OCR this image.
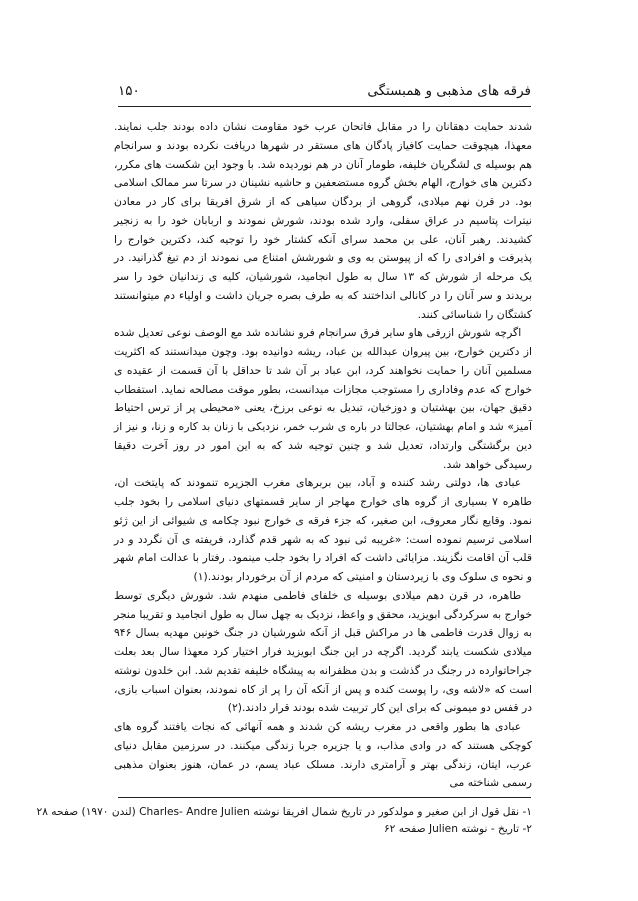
فرقه های مذهبی و همبستگی
۱۵۰

شدند حمایت دهقانان را در مقابل فاتحان عرب خود مقاومت نشان داده بودند جلب نمایند. معهذا، هیچوقت حمایت کافیاز پادگان های مستقر در شهرها دریافت نکرده بودند و سرانجام هم بوسیله ی لشگریان خلیفه، طومار آنان در هم نوردیده شد. با وجود این شکست های مکرر، دکترین های خوارج، الهام بخش گروه مستضعفین و حاشیه نشینان در سرتا سر ممالک اسلامی بود. در قرن نهم میلادی، گروهی از بردگان سیاهی که از شرق افریقا برای کار در معادن نیترات پتاسیم در عراق سفلی، وارد شده بودند، شورش نمودند و اربابان خود را به زنجیر کشیدند. رهبر آنان، علی بن محمد سرای آنکه کشتار خود را توجیه کند، دکترین خوارج را پذیرفت و افرادی را که از پیوستن به وی و شورشش امتناع می نمودند از دم تیغ گذرانید. در یک مرحله از شورش که ۱۳ سال به طول انجامید، شورشیان، کلیه ی زندانیان خود را سر بریدند و سر آنان را در کانالی انداختند که به طرف بصره جریان داشت و اولیاء دم میتوانستند کشتگان را شناسائی کنند.

اگرچه شورش ازرقی هاو سایر فرق سرانجام فرو نشانده شد مع الوصف نوعی تعدیل شده از دکترین خوارج، بین پیروان عبدالله بن عباد، ریشه دوانیده بود. وچون میدانستند که اکثریت مسلمین آنان را حمایت نخواهند کرد، ابن عباد بر آن شد تا حداقل با آن قسمت از عقیده ی خوارج که عدم وفاداری را مستوجب مجازات میدانست، بطور موقت مصالحه نماید. استقطاب دقیق جهان، بین بهشتیان و دوزخیان، تبدیل به نوعی برزخ، یعنی «محیطی پر از ترس احتیاط آمیز» شد و امام بهشتیان، عجالتا در باره ی شرب خمر، نزدیکی با زنان بد کاره و زنا، و نیز از دین برگشتگی وارتداد، تعدیل شد و چنین توجیه شد که به این امور در روز آخرت دقیقا رسیدگی خواهد شد.

عبادی ها، دولتی رشد کننده و آباد، بین بربرهای مغرب الجزیره تنمودند که پایتخت ان، طاهره ۷ بسیاری از گروه های خوارج مهاجر از سایر قسمتهای دنیای اسلامی را بخود جلب نمود. وقایع نگار معروف، ابن صغیر، که جزء فرقه ی خوارج نبود چکامه ی شیوائی از این ژئو اسلامی ترسیم نموده است: «غریبه ئی نبود که به شهر قدم گذارد، فریفته ی آن نگردد و در قلب آن اقامت نگزیند. مزایائی داشت که افراد را بخود جلب مینمود. رفتار با عدالت امام شهر و نحوه ی سلوک وی با زیردستان و امنیتی که مردم از آن برخوردار بودند.(۱)

طاهره، در قرن دهم میلادی بوسیله ی خلفای فاطمی منهدم شد. شورش دیگری توسط خوارج به سرکردگی ابویزید، محقق و واعظ، نزدیک به چهل سال به طول انجامید و تقریبا منجر به زوال قدرت فاطمی ها در مراکش قبل از آنکه شورشیان در جنگ خونین مهدیه بسال ۹۴۶ میلادی شکست یابند گردید. اگرچه در این جنگ ابویزید فرار اختیار کرد معهذا سال بعد بعلت جراحاتوارده در رجنگ در گذشت و بدن مظفرانه به پیشگاه خلیفه تقدیم شد. ابن خلدون نوشته است که «لاشه وی، را پوست کنده و پس از آنکه آن را پر از کاه نمودند، بعنوان اسباب بازی، در قفس دو میمونی که برای این کار تربیت شده بودند قرار دادند.(۲)

عبادی ها بطور واقعی در مغرب ریشه کن شدند و همه آنهائی که نجات یافتند گروه های کوچکی هستند که در وادی مذاب، و یا جزیره جربا زندگی میکنند. در سرزمین مقابل دنیای عرب، ایتان، زندگی بهتر و آرامتری دارند. مسلک عباد یسم، در عمان، هنوز بعنوان مذهبی رسمی شناخته می

۱- نقل قول از ابن صغیر و مولدکور در تاریخ شمال افریقا نوشته Charles- Andre Julien (لندن ۱۹۷۰) صفحه ۲۸
۲- تاریخ - نوشته Julien صفحه ۶۲
